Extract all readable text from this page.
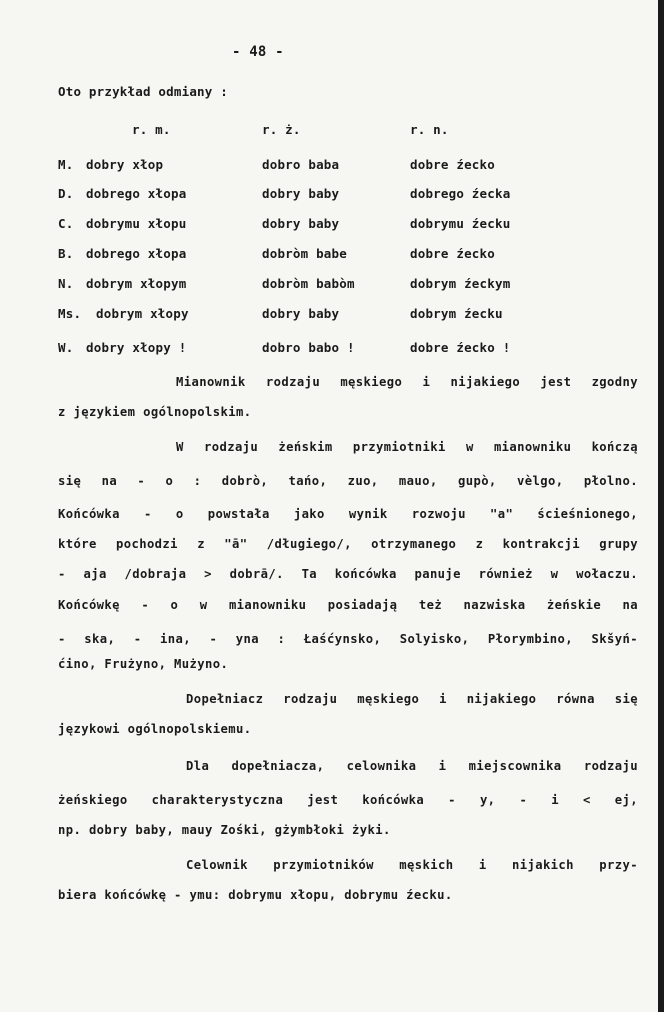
- 48 -
Oto przykład odmiany :
r. m.	r. ż.	r. n.
M. dobry xłop	dobro baba	dobre źecko
D. dobrego xłopa	dobry baby	dobrego źecka
C. dobrymu xłopu	dobry baby	dobrymu źecku
B. dobrego xłopa	dobròm babe	dobre źecko
N. dobrym xłopym	dobròm babòm	dobrym źeckym
Ms. dobrym xłopy	dobry baby	dobrym źecku
W. dobry xłopy !	dobro babo !	dobre źecko !
Mianownik rodzaju męskiego i nijakiego jest zgodny
z językiem ogólnopolskim.
W rodzaju żeńskim przymiotniki w mianowniku kończą
się na - o : dobrò, tańo, zuo, mauo, gupò, vèlgo, płolno.
Końcówka - o powstała jako wynik rozwoju "a" ścieśnionego,
które pochodzi z "ā" /długiego/, otrzymanego z kontrakcji grupy
- aja /dobraja > dobrā/. Ta końcówka panuje również w wołaczu.
Końcówkę - o w mianowniku posiadają też nazwiska żeńskie na
- ska, - ina, - yna : Łaśćynsko, Solyisko, Płorymbino, Skšyń-
ćino, Frużyno, Mużyno.
Dopełniacz rodzaju męskiego i nijakiego równa się
językowi ogólnopolskiemu.
Dla dopełniacza, celownika i miejscownika rodzaju
żeńskiego charakterystyczna jest końcówka - y, - i < ej,
np. dobry baby, mauy Zośki, gżymbłoki żyki.
Celownik przymiotników męskich i nijakich przy-
biera końcówkę - ymu: dobrymu xłopu, dobrymu źecku.
